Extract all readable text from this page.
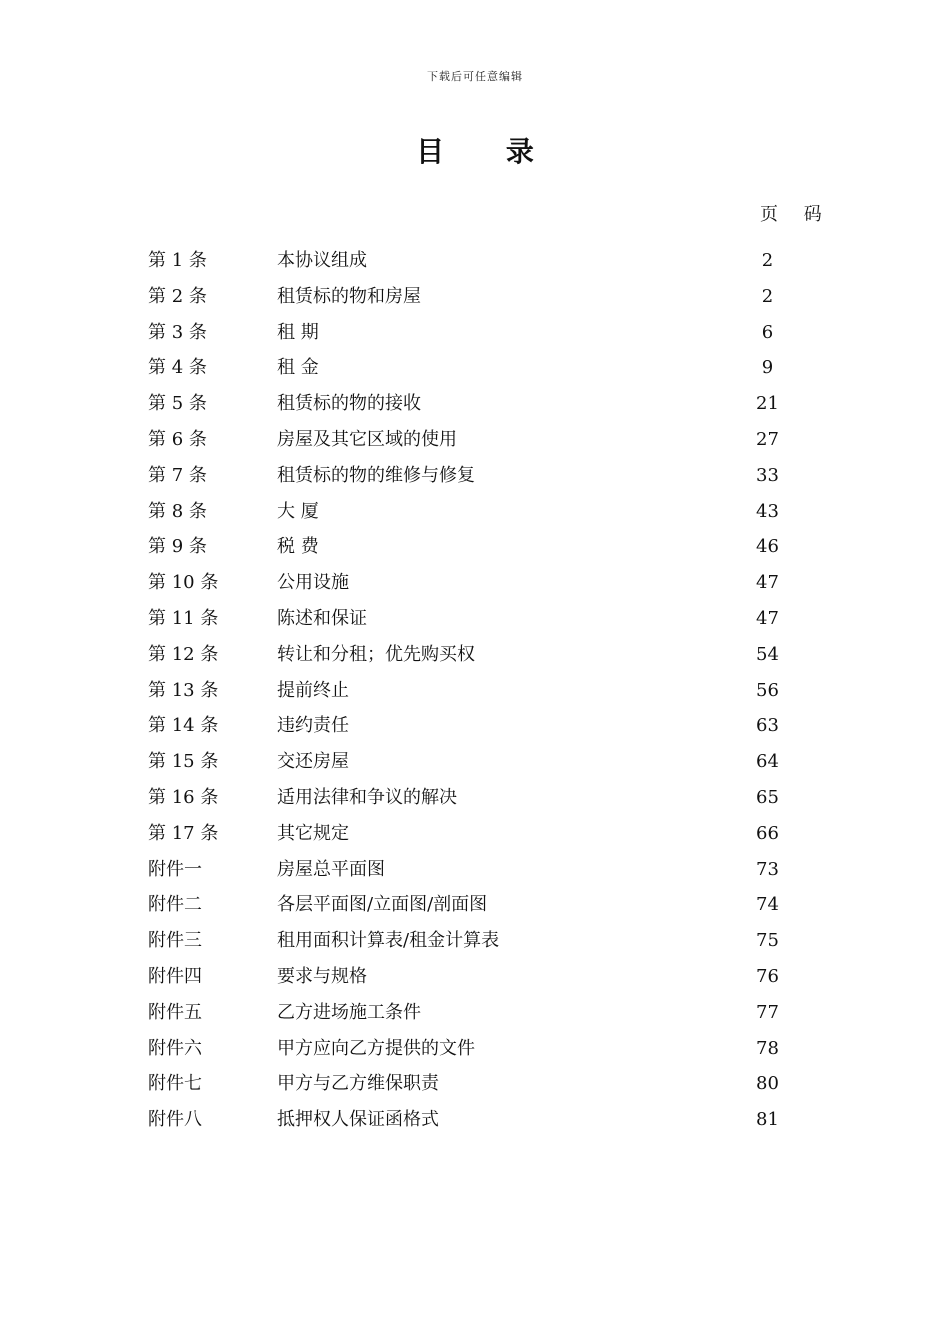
下载后可任意编辑
目 录
页 码
第 1 条	本协议组成	2
第 2 条	租赁标的物和房屋	2
第 3 条	租 期	6
第 4 条	租 金	9
第 5 条	租赁标的物的接收	21
第 6 条	房屋及其它区域的使用	27
第 7 条	租赁标的物的维修与修复	33
第 8 条	大 厦	43
第 9 条	税 费	46
第 10 条	公用设施	47
第 11 条	陈述和保证	47
第 12 条	转让和分租；优先购买权	54
第 13 条	提前终止	56
第 14 条	违约责任	63
第 15 条	交还房屋	64
第 16 条	适用法律和争议的解决	65
第 17 条	其它规定	66
附件一	房屋总平面图	73
附件二	各层平面图/立面图/剖面图	74
附件三	租用面积计算表/租金计算表	75
附件四	要求与规格	76
附件五	乙方进场施工条件	77
附件六	甲方应向乙方提供的文件	78
附件七	甲方与乙方维保职责	80
附件八	抵押权人保证函格式	81
